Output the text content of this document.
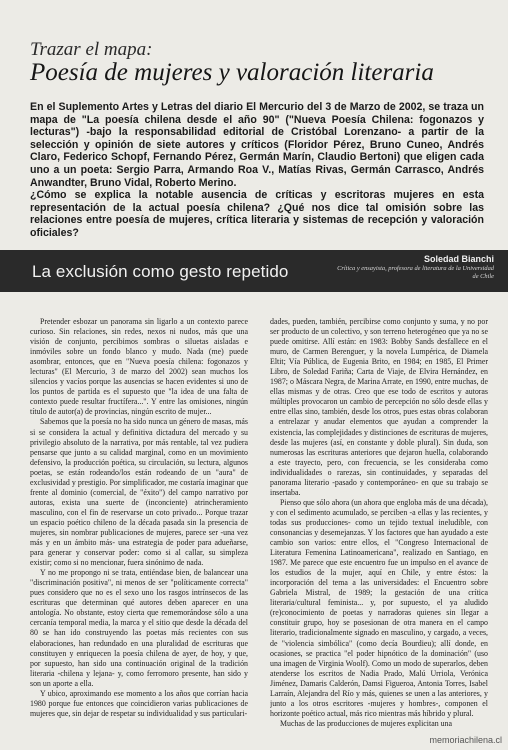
Trazar el mapa:
Poesía de mujeres y valoración literaria

En el Suplemento Artes y Letras del diario El Mercurio del 3 de Marzo de 2002, se traza un mapa de "La poesía chilena desde el año 90" ("Nueva Poesía Chilena: fogonazos y lecturas") -bajo la responsabilidad editorial de Cristóbal Lorenzano- a partir de la selección y opinión de siete autores y críticos (Floridor Pérez, Bruno Cuneo, Andrés Claro, Federico Schopf, Fernando Pérez, Germán Marín, Claudio Bertoni) que eligen cada uno a un poeta: Sergio Parra, Armando Roa V., Matías Rivas, Germán Carrasco, Andrés Anwandter, Bruno Vidal, Roberto Merino.

¿Cómo se explica la notable ausencia de críticas y escritoras mujeres en esta representación de la actual poesía chilena? ¿Qué nos dice tal omisión sobre las relaciones entre poesía de mujeres, crítica literaria y sistemas de recepción y valoración oficiales?

La exclusión como gesto repetido
Soledad Bianchi
Crítica y ensayista, profesora de literatura de la Universidad de Chile

Pretender esbozar un panorama sin ligarlo a un contexto parece curioso. Sin relaciones, sin redes, nexos ni nudos, más que una visión de conjunto, percibimos sombras o siluetas aisladas e inmóviles sobre un fondo blanco y mudo. Nada (me) puede asombrar, entonces, que en "Nueva poesía chilena: fogonazos y lecturas" (El Mercurio, 3 de marzo del 2002) sean muchos los silencios y vacíos porque las ausencias se hacen evidentes si uno de los puntos de partida es el supuesto que "la idea de una falta de contexto puede resultar fructífera...". Y entre las omisiones, ningún título de autor(a) de provincias, ningún escrito de mujer...

Sabemos que la poesía no ha sido nunca un género de masas, más si se considera la actual y definitiva dictadura del mercado y su privilegio absoluto de la narrativa, por más rentable, tal vez pudiera pensarse que junto a su calidad marginal, como en un movimiento defensivo, la producción poética, su circulación, su lectura, algunos poetas, se están rodeando/los están rodeando de un "aura" de exclusividad y prestigio. Por simplificador, me costaría imaginar que frente al dominio (comercial, de "éxito") del campo narrativo por autoras, exista una suerte de (inconciente) atrincheramiento masculino, con el fin de reservarse un coto privado... Porque trazar un espacio poético chileno de la década pasada sin la presencia de mujeres, sin nombrar publicaciones de mujeres, parece ser -una vez más y en un ámbito más- una estrategia de poder para adueñarse, para generar y conservar poder: como si al callar, su simpleza existir; como si no mencionar, fuera sinónimo de nada.

Y no me propongo ni se trata, entiéndase bien, de balancear una "discriminación positiva", ni menos de ser "políticamente correcta" pues considero que no es el sexo uno los rasgos intrínsecos de las escrituras que determinan qué autores deben aparecer en una antología. No obstante, estoy cierta que rememorándose sólo a una cercanía temporal media, la marca y el sitio que desde la década del 80 se han ido construyendo las poetas más recientes con sus elaboraciones, han redundado en una pluralidad de escrituras que constituyen y enriquecen la poesía chilena de ayer, de hoy, y que, por supuesto, han sido una continuación original de la tradición literaria -chilena y lejana- y, como ferromoro presente, han sido y son un aporte a ella.

Y ubico, aproximando ese momento a los años que corrían hacia 1980 porque fue entonces que coincidieron varias publicaciones de mujeres que, sin dejar de respetar su individualidad y sus particulari-

dades, pueden, también, percibirse como conjunto y suma, y no por ser producto de un colectivo, y son terreno heterogéneo que ya no se puede omitirse. Allí están: en 1983: Bobby Sands desfallece en el muro, de Carmen Berenguer, y la novela Lumpérica, de Diamela Eltit; Vía Pública, de Eugenia Brito, en 1984; en 1985, El Primer Libro, de Soledad Fariña; Carta de Viaje, de Elvira Hernández, en 1987; o Máscara Negra, de Marina Arrate, en 1990, entre muchas, de ellas mismas y de otras. Creo que ese todo de escritos y autoras múltiples provocaron un cambio de percepción no sólo desde ellas y entre ellas sino, también, desde los otros, pues estas obras colaboran a entrelazar y anudar elementos que ayudan a comprender la existencia, las complejidades y distinciones de escrituras de mujeres, desde las mujeres (así, en constante y doble plural). Sin duda, son numerosas las escrituras anteriores que dejaron huella, colaborando a este trayecto, pero, con frecuencia, se les consideraba como individualidades o rarezas, sin continuidades, y separadas del panorama literario -pasado y contemporáneo- en que su trabajo se insertaba.

Pienso que sólo ahora (un ahora que engloba más de una década), y con el sedimento acumulado, se perciben -a ellas y las recientes, y todas sus producciones- como un tejido textual ineludible, con consonancias y desemejanzas. Y los factores que han ayudado a este cambio son varios: entre ellos, el "Congreso Internacional de Literatura Femenina Latinoamericana", realizado en Santiago, en 1987. Me parece que este encuentro fue un impulso en el avance de los estudios de la mujer, aquí en Chile, y entre éstos: la incorporación del tema a las universidades: el Encuentro sobre Gabriela Mistral, de 1989; la gestación de una crítica literaria/cultural feminista... y, por supuesto, el ya aludido (re)conocimiento de poetas y narradoras quienes sin llegar a constituir grupo, hoy se posesionan de otra manera en el campo literario, tradicionalmente signado en masculino, y cargado, a veces, de "violencia simbólica" (como decía Bourdieu); allí donde, en ocasiones, se practica "el poder hipnótico de la dominación" (uso una imagen de Virginia Woolf). Como un modo de superarlos, deben atenderse los escritos de Nadia Prado, Malú Urriola, Verónica Jiménez, Damaris Calderón, Damsi Figueroa, Antonia Torres, Isabel Larraín, Alejandra del Río y más, quienes se unen a las anteriores, y junto a los otros escritores -mujeres y hombres-, componen el horizonte poético actual, más rico mientras más híbrido y plural.

Muchas de las producciones de mujeres explicitan una

memoriachilena.cl
